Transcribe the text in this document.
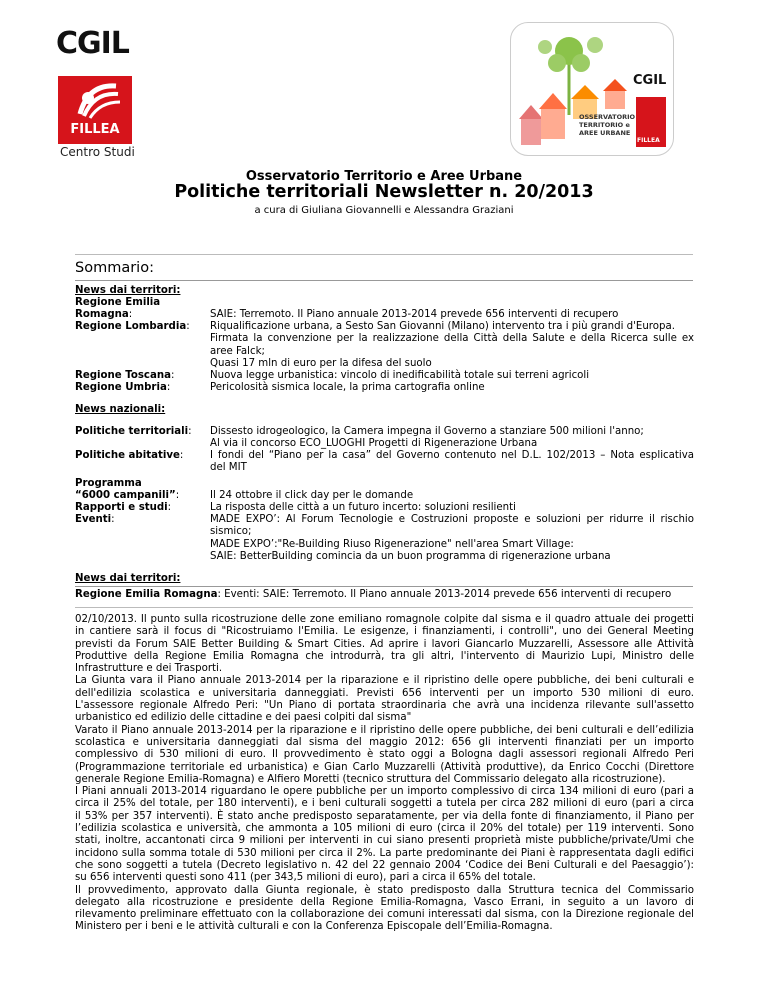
CGIL
FILLEA
Centro Studi
CGIL
FILLEA
OSSERVATORIO
TERRITORIO e
AREE URBANE
Osservatorio Territorio e Aree Urbane
Politiche territoriali Newsletter n. 20/2013
a cura di Giuliana Giovannelli e Alessandra Graziani
Sommario:
News dai territori:
Regione Emilia
Romagna:	SAIE: Terremoto. Il Piano annuale 2013-2014 prevede 656 interventi di recupero
Regione Lombardia:	Riqualificazione urbana, a Sesto San Giovanni (Milano) intervento tra i più grandi d'Europa.
Firmata la convenzione per la realizzazione della Città della Salute e della Ricerca sulle ex
aree Falck;
Quasi 17 mln di euro per la difesa del suolo
Regione Toscana:	Nuova legge urbanistica: vincolo di inedificabilità totale sui terreni agricoli
Regione Umbria:	Pericolosità sismica locale, la prima cartografia online
News nazionali:
Politiche territoriali:	Dissesto idrogeologico, la Camera impegna il Governo a stanziare 500 milioni l'anno;
Al via il concorso ECO_LUOGHI Progetti di Rigenerazione Urbana
Politiche abitative:	I fondi del “Piano per la casa” del Governo contenuto nel D.L. 102/2013 – Nota esplicativa
del MIT
Programma
“6000 campanili”:	Il 24 ottobre il click day per le domande
Rapporti e studi:	La risposta delle città a un futuro incerto: soluzioni resilienti
Eventi:	MADE EXPO’: Al Forum Tecnologie e Costruzioni proposte e soluzioni per ridurre il rischio
sismico;
MADE EXPO’:"Re-Building Riuso Rigenerazione" nell'area Smart Village:
SAIE: BetterBuilding comincia da un buon programma di rigenerazione urbana
News dai territori:
Regione Emilia Romagna: Eventi: SAIE: Terremoto. Il Piano annuale 2013-2014 prevede 656 interventi di recupero
02/10/2013. Il punto sulla ricostruzione delle zone emiliano romagnole colpite dal sisma e il quadro attuale dei progetti
in cantiere sarà il focus di "Ricostruiamo l'Emilia. Le esigenze, i finanziamenti, i controlli", uno dei General Meeting
previsti da Forum SAIE Better Building & Smart Cities. Ad aprire i lavori Giancarlo Muzzarelli, Assessore alle Attività
Produttive della Regione Emilia Romagna che introdurrà, tra gli altri, l'intervento di Maurizio Lupi, Ministro delle
Infrastrutture e dei Trasporti.
La Giunta vara il Piano annuale 2013-2014 per la riparazione e il ripristino delle opere pubbliche, dei beni culturali e
dell'edilizia scolastica e universitaria danneggiati. Previsti 656 interventi per un importo 530 milioni di euro.
L'assessore regionale Alfredo Peri: "Un Piano di portata straordinaria che avrà una incidenza rilevante sull'assetto
urbanistico ed edilizio delle cittadine e dei paesi colpiti dal sisma"
Varato il Piano annuale 2013-2014 per la riparazione e il ripristino delle opere pubbliche, dei beni culturali e dell’edilizia
scolastica e universitaria danneggiati dal sisma del maggio 2012: 656 gli interventi finanziati per un importo
complessivo di 530 milioni di euro. Il provvedimento è stato oggi a Bologna dagli assessori regionali Alfredo Peri
(Programmazione territoriale ed urbanistica) e Gian Carlo Muzzarelli (Attività produttive), da Enrico Cocchi (Direttore
generale Regione Emilia-Romagna) e Alfiero Moretti (tecnico struttura del Commissario delegato alla ricostruzione).
I Piani annuali 2013-2014 riguardano le opere pubbliche per un importo complessivo di circa 134 milioni di euro (pari a
circa il 25% del totale, per 180 interventi), e i beni culturali soggetti a tutela per circa 282 milioni di euro (pari a circa
il 53% per 357 interventi). È stato anche predisposto separatamente, per via della fonte di finanziamento, il Piano per
l’edilizia scolastica e università, che ammonta a 105 milioni di euro (circa il 20% del totale) per 119 interventi. Sono
stati, inoltre, accantonati circa 9 milioni per interventi in cui siano presenti proprietà miste pubbliche/private/Umi che
incidono sulla somma totale di 530 milioni per circa il 2%. La parte predominante dei Piani è rappresentata dagli edifici
che sono soggetti a tutela (Decreto legislativo n. 42 del 22 gennaio 2004 ‘Codice dei Beni Culturali e del Paesaggio’):
su 656 interventi questi sono 411 (per 343,5 milioni di euro), pari a circa il 65% del totale.
Il provvedimento, approvato dalla Giunta regionale, è stato predisposto dalla Struttura tecnica del Commissario
delegato alla ricostruzione e presidente della Regione Emilia-Romagna, Vasco Errani, in seguito a un lavoro di
rilevamento preliminare effettuato con la collaborazione dei comuni interessati dal sisma, con la Direzione regionale del
Ministero per i beni e le attività culturali e con la Conferenza Episcopale dell’Emilia-Romagna.
